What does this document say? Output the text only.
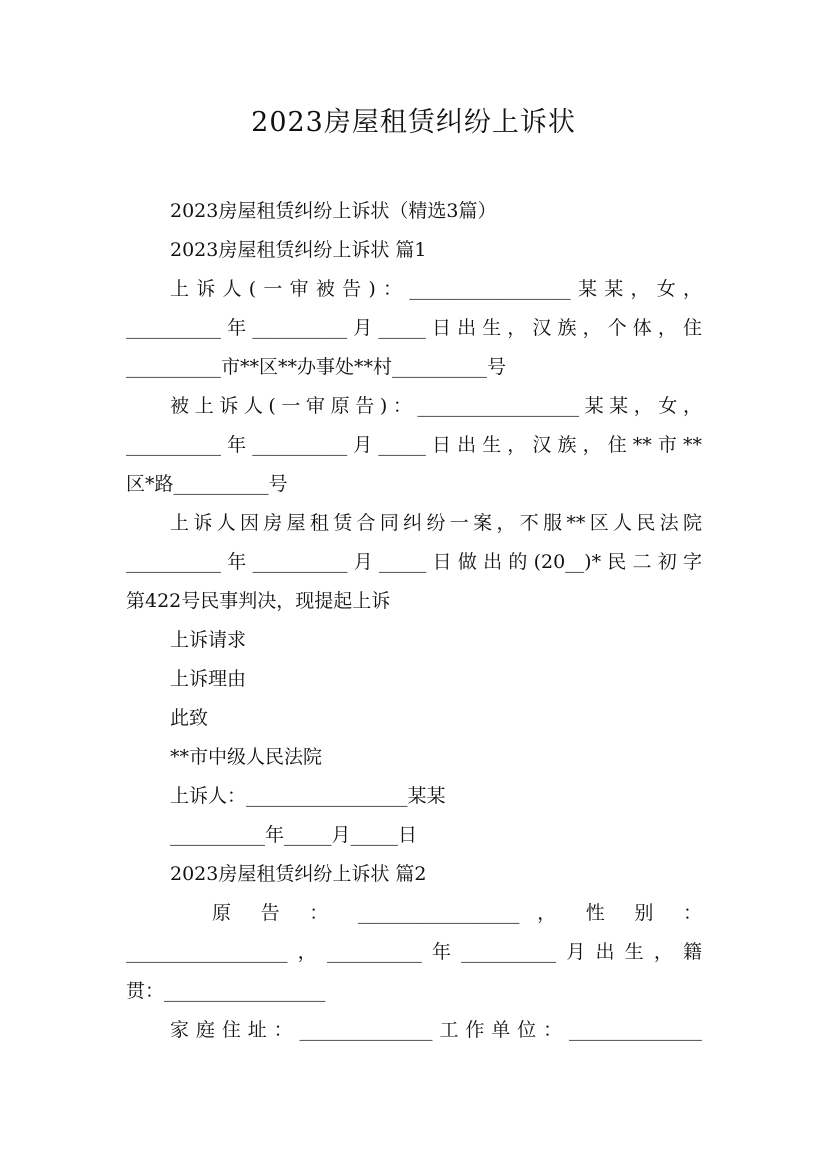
2023房屋租赁纠纷上诉状
2023房屋租赁纠纷上诉状（精选3篇）
2023房屋租赁纠纷上诉状 篇1
上诉人(一审被告)：_________________某某，女，
__________年__________月_____日出生，汉族，个体，住
__________市**区**办事处**村__________号
被上诉人(一审原告)：_________________某某，女，
__________年__________月_____日出生，汉族，住**市**
区*路__________号
上诉人因房屋租赁合同纠纷一案，不服**区人民法院
__________年__________月_____日做出的(20__)*民二初字
第422号民事判决，现提起上诉
上诉请求
上诉理由
此致
**市中级人民法院
上诉人：_________________某某
__________年_____月_____日
2023房屋租赁纠纷上诉状 篇2
原 告 ： _________________ ， 性 别 ：
_________________，__________年__________月出生，籍
贯：_________________
家庭住址：______________工作单位：______________
